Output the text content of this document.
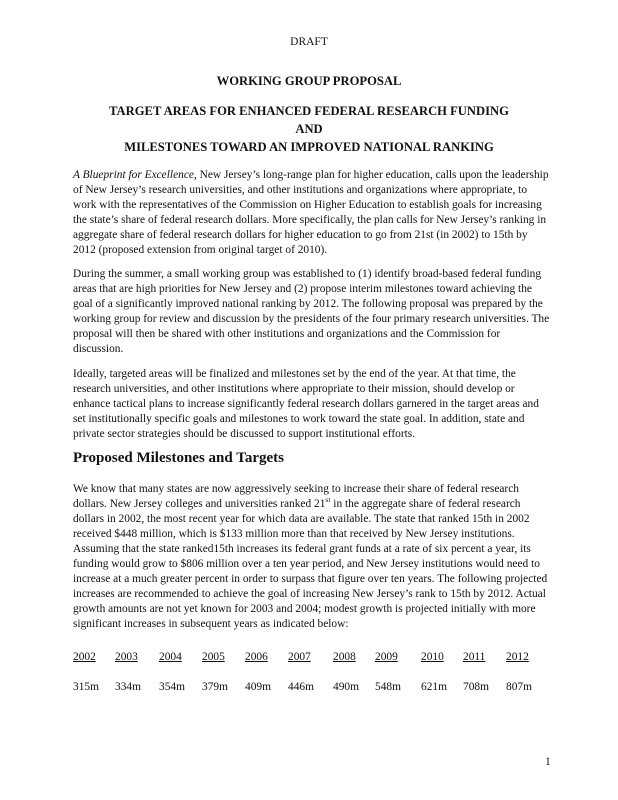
DRAFT
WORKING GROUP PROPOSAL
TARGET AREAS FOR ENHANCED FEDERAL RESEARCH FUNDING
AND
MILESTONES TOWARD AN IMPROVED NATIONAL RANKING

A Blueprint for Excellence, New Jersey’s long-range plan for higher education, calls upon the leadership of New Jersey’s research universities, and other institutions and organizations where appropriate, to work with the representatives of the Commission on Higher Education to establish goals for increasing the state’s share of federal research dollars. More specifically, the plan calls for New Jersey’s ranking in aggregate share of federal research dollars for higher education to go from 21st (in 2002) to 15th by 2012 (proposed extension from original target of 2010).

During the summer, a small working group was established to (1) identify broad-based federal funding areas that are high priorities for New Jersey and (2) propose interim milestones toward achieving the goal of a significantly improved national ranking by 2012. The following proposal was prepared by the working group for review and discussion by the presidents of the four primary research universities. The proposal will then be shared with other institutions and organizations and the Commission for discussion.

Ideally, targeted areas will be finalized and milestones set by the end of the year. At that time, the research universities, and other institutions where appropriate to their mission, should develop or enhance tactical plans to increase significantly federal research dollars garnered in the target areas and set institutionally specific goals and milestones to work toward the state goal. In addition, state and private sector strategies should be discussed to support institutional efforts.

Proposed Milestones and Targets

We know that many states are now aggressively seeking to increase their share of federal research dollars. New Jersey colleges and universities ranked 21st in the aggregate share of federal research dollars in 2002, the most recent year for which data are available. The state that ranked 15th in 2002 received $448 million, which is $133 million more than that received by New Jersey institutions. Assuming that the state ranked15th increases its federal grant funds at a rate of six percent a year, its funding would grow to $806 million over a ten year period, and New Jersey institutions would need to increase at a much greater percent in order to surpass that figure over ten years. The following projected increases are recommended to achieve the goal of increasing New Jersey’s rank to 15th by 2012. Actual growth amounts are not yet known for 2003 and 2004; modest growth is projected initially with more significant increases in subsequent years as indicated below:

2002 2003 2004 2005 2006 2007 2008 2009 2010 2011 2012
315m 334m 354m 379m 409m 446m 490m 548m 621m 708m 807m
1
